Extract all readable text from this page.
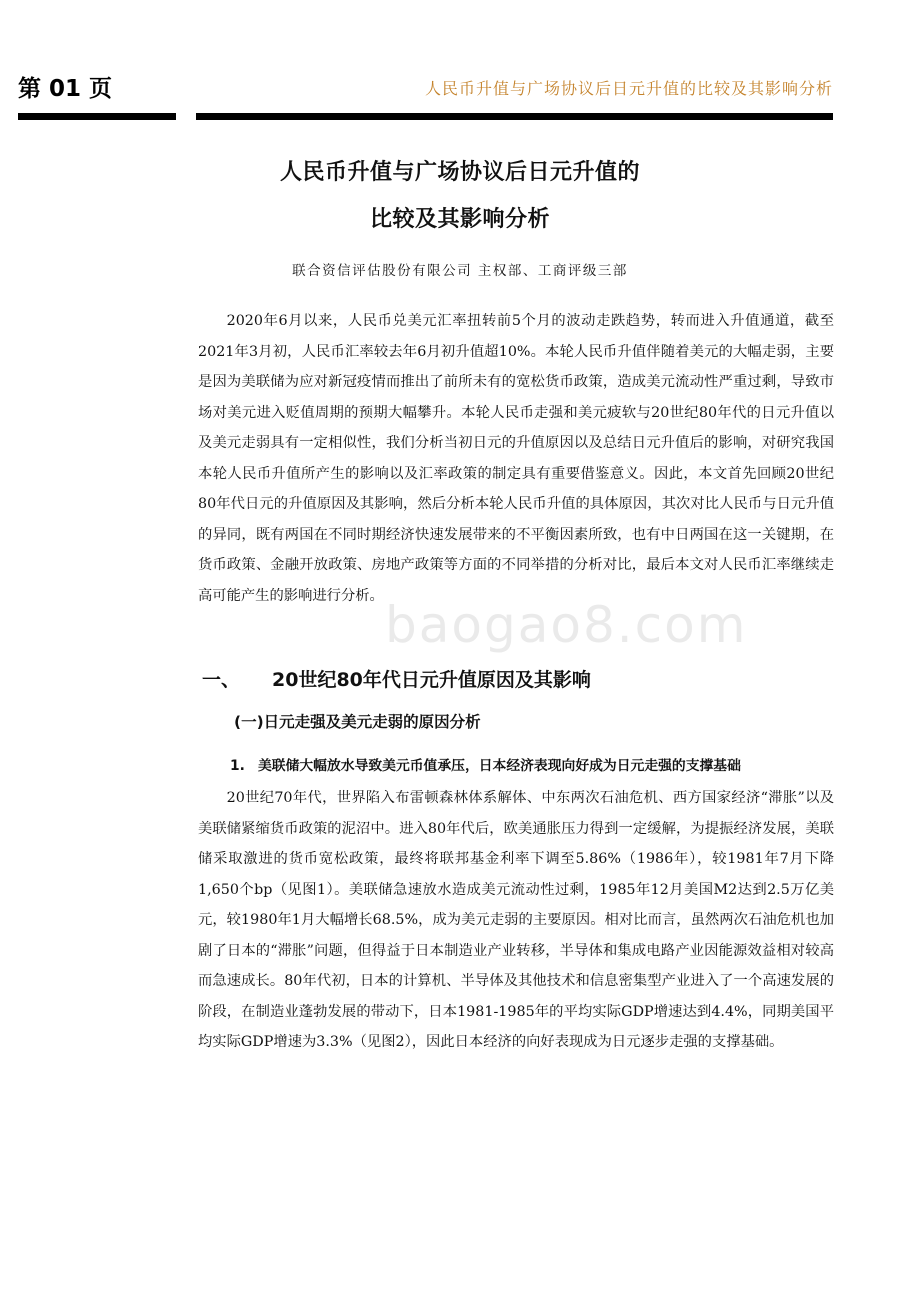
第 01 页	人民币升值与广场协议后日元升值的比较及其影响分析
人民币升值与广场协议后日元升值的
比较及其影响分析
联合资信评估股份有限公司 主权部、工商评级三部

2020年6月以来，人民币兑美元汇率扭转前5个月的波动走跌趋势，转而进入升值通道，截至2021年3月初，人民币汇率较去年6月初升值超10%。本轮人民币升值伴随着美元的大幅走弱，主要是因为美联储为应对新冠疫情而推出了前所未有的宽松货币政策，造成美元流动性严重过剩，导致市场对美元进入贬值周期的预期大幅攀升。本轮人民币走强和美元疲软与20世纪80年代的日元升值以及美元走弱具有一定相似性，我们分析当初日元的升值原因以及总结日元升值后的影响，对研究我国本轮人民币升值所产生的影响以及汇率政策的制定具有重要借鉴意义。因此，本文首先回顾20世纪80年代日元的升值原因及其影响，然后分析本轮人民币升值的具体原因，其次对比人民币与日元升值的异同，既有两国在不同时期经济快速发展带来的不平衡因素所致，也有中日两国在这一关键期，在货币政策、金融开放政策、房地产政策等方面的不同举措的分析对比，最后本文对人民币汇率继续走高可能产生的影响进行分析。

baogao8.com
一、 20世纪80年代日元升值原因及其影响
(一)日元走强及美元走弱的原因分析
1. 美联储大幅放水导致美元币值承压，日本经济表现向好成为日元走强的支撑基础

20世纪70年代，世界陷入布雷顿森林体系解体、中东两次石油危机、西方国家经济“滞胀”以及美联储紧缩货币政策的泥沼中。进入80年代后，欧美通胀压力得到一定缓解，为提振经济发展，美联储采取激进的货币宽松政策，最终将联邦基金利率下调至5.86%（1986年），较1981年7月下降1,650个bp（见图1）。美联储急速放水造成美元流动性过剩，1985年12月美国M2达到2.5万亿美元，较1980年1月大幅增长68.5%，成为美元走弱的主要原因。相对比而言，虽然两次石油危机也加剧了日本的“滞胀”问题，但得益于日本制造业产业转移，半导体和集成电路产业因能源效益相对较高而急速成长。80年代初，日本的计算机、半导体及其他技术和信息密集型产业进入了一个高速发展的阶段，在制造业蓬勃发展的带动下，日本1981-1985年的平均实际GDP增速达到4.4%，同期美国平均实际GDP增速为3.3%（见图2），因此日本经济的向好表现成为日元逐步走强的支撑基础。
